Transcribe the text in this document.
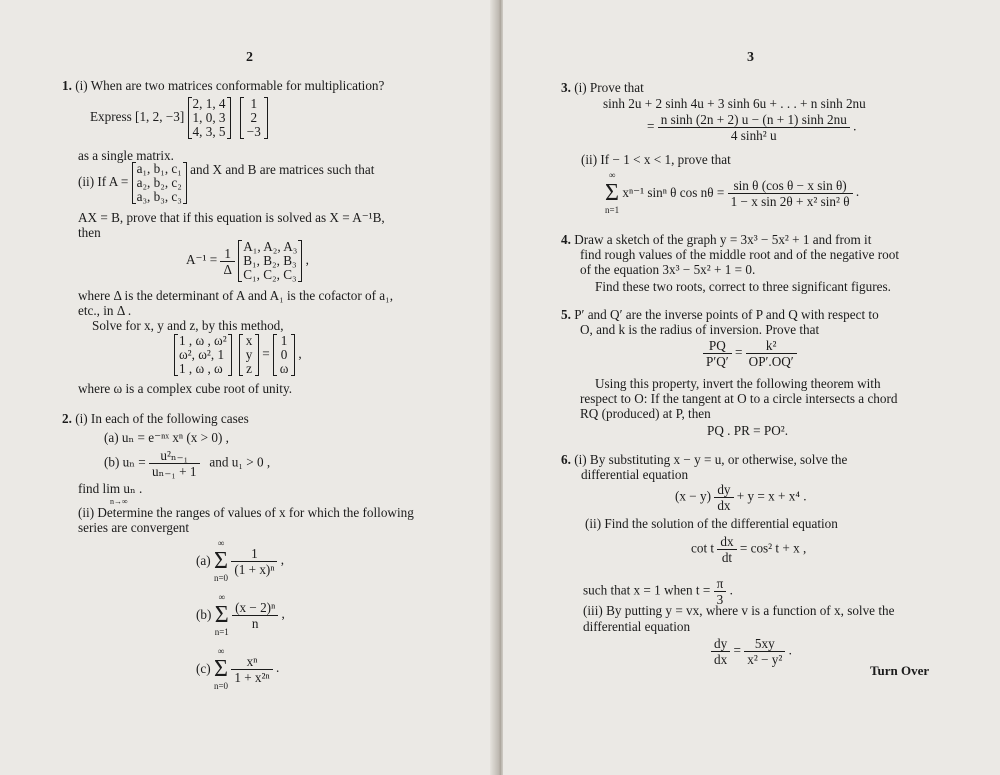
2
1. (i) When are two matrices conformable for multiplication?
Express [1, 2, −3]
2, 1, 4
1, 0, 3
4, 3, 5

1
2
−3
as a single matrix.
(ii) If A =
a₁, b₁, c₁
a₂, b₂, c₂
a₃, b₃, c₃
and X and B are matrices such that
AX = B, prove that if this equation is solved as X = A⁻¹B,
then
$A^{-1} = \frac{1}{\Delta}$
A₁, A₂, A₃
B₁, B₂, B₃
C₁, C₂, C₃
,
where Δ is the determinant of A and A₁ is the cofactor of a₁,
etc., in Δ .
Solve for x, y and z, by this method,
1 , ω , ω²
ω², ω², 1
1 , ω , ω

x
y
z
=
1
0
ω
,
where ω is a complex cube root of unity.
2. (i) In each of the following cases
(a) uₙ = e⁻ⁿˣ xⁿ (x > 0) ,
(b) $u_n = \frac{\text{u²ₙ₋₁}}{\text{uₙ₋₁ + 1}}$ and u₁ > 0 ,
find lim uₙ .
n→∞
(ii) Determine the ranges of values of x for which the following
series are convergent
(a)
∞
Σ
n=0

$\frac{1}{\text{(1 + x)ⁿ}}$ ,
(b)
∞
Σ
n=1

$\frac{\text{(x − 2)ⁿ}}{n}$ ,
(c)
∞
Σ
n=0

$\frac{\text{xⁿ}}{\text{1 + x²ⁿ}}$ .
3
3. (i) Prove that
sinh 2u + 2 sinh 4u + 3 sinh 6u + . . . + n sinh 2nu
= $\frac{\text{n sinh (2n + 2) u − (n + 1) sinh 2nu}}{\text{4 sinh² u}}$ .
(ii) If − 1 < x < 1, prove that
∞
Σ
n=1
xⁿ⁻¹ sinⁿ θ $\cos n\theta = \frac{\text{sin θ (cos θ − x sin θ)}}{\text{1 − x sin 2θ + x² sin² θ}}$ .
4. Draw a sketch of the graph y = 3x³ − 5x² + 1 and from it
find rough values of the middle root and of the negative root
of the equation 3x³ − 5x² + 1 = 0.
Find these two roots, correct to three significant figures.
5. P′ and Q′ are the inverse points of P and Q with respect to
O, and k is the radius of inversion. Prove that
$\frac{PQ}{P'Q'} = \frac{\text{k²}}{OP'.OQ'}$
Using this property, invert the following theorem with
respect to O: If the tangent at O to a circle intersects a chord
RQ (produced) at P, then
PQ . PR = PO².
6. (i) By substituting x − y = u, or otherwise, solve the
differential equation
$(x - y) \frac{dy}{dx} + y = x + x^4$ .
(ii) Find the solution of the differential equation
cot t $\frac{dx}{dt} = \cos^2$ t + x ,
such that x = 1 when $t = \frac{\pi}{3}$ .
(iii) By putting y = vx, where v is a function of x, solve the
differential equation
$\frac{dy}{dx} = \frac{5xy}{\text{x² − y²}}$ .
Turn Over
